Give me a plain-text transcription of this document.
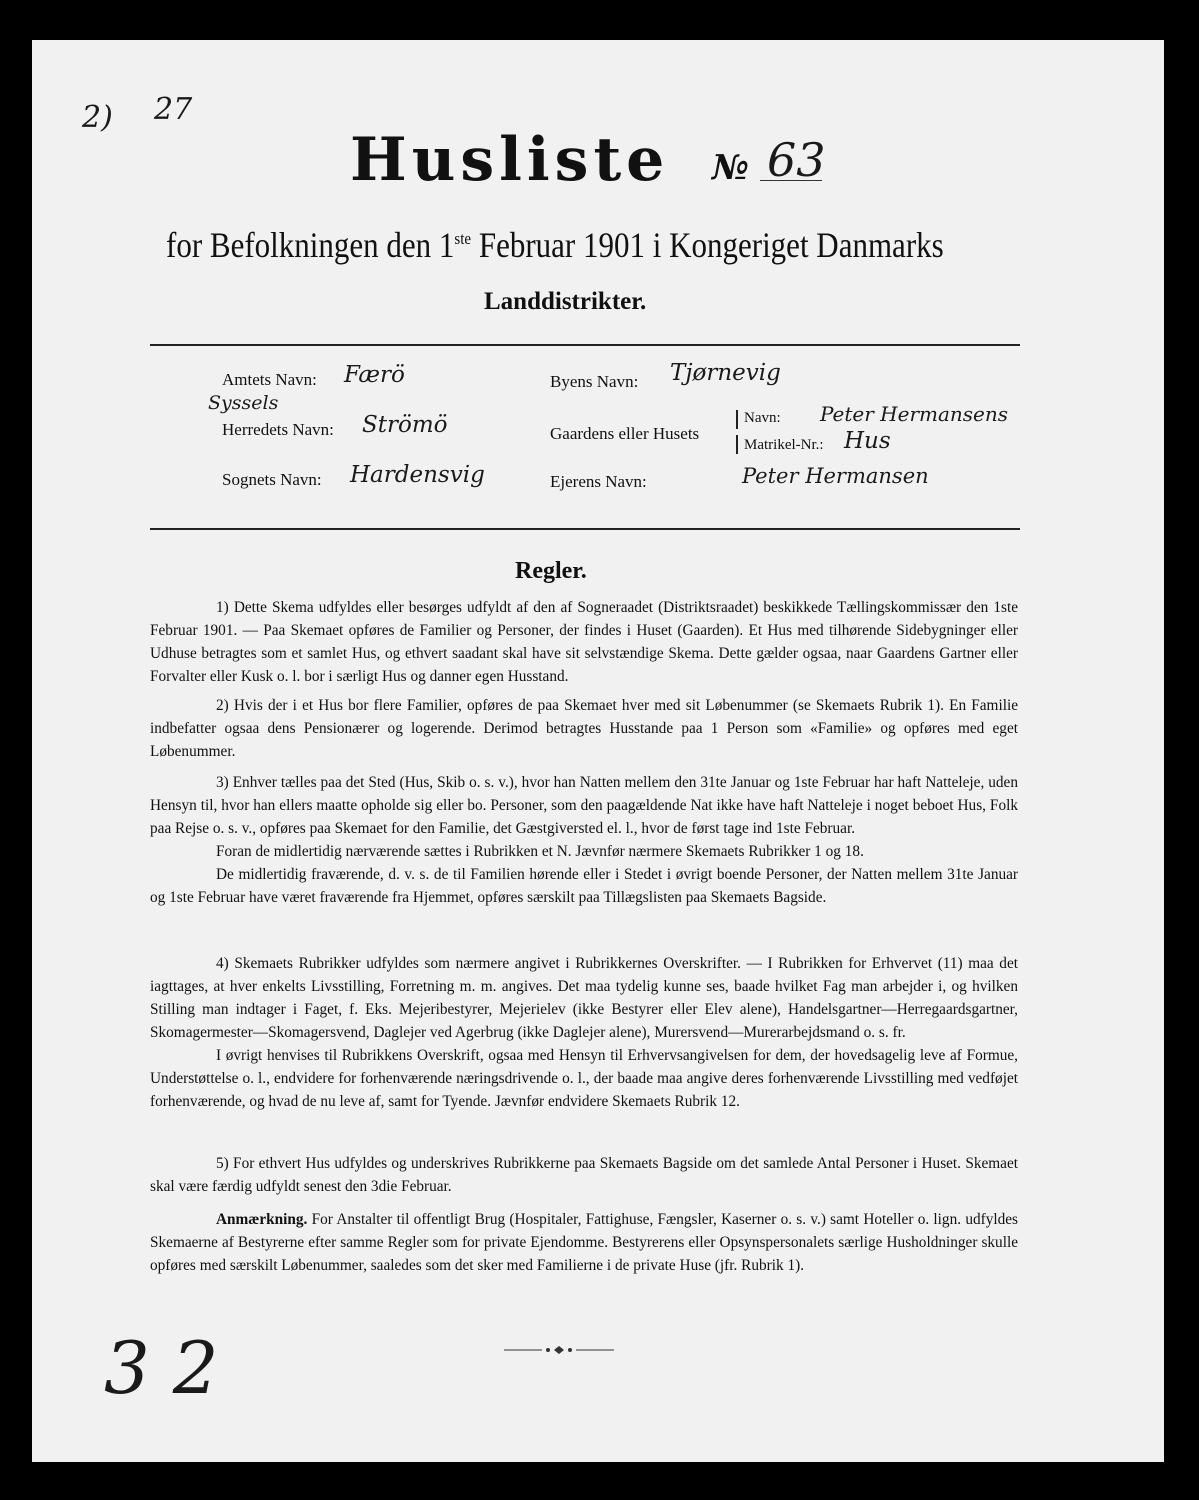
2) 27
Husliste № 63
for Befolkningen den 1ste Februar 1901 i Kongeriget Danmarks
Landdistrikter.
Amtets Navn: Færö
Syssels
Herredets Navn: Strömö
Sognets Navn: Hardensvig
Byens Navn: Tjørnevig
Gaardens eller Husets
Navn: Peter Hermansens
Matrikel-Nr.: Hus
Ejerens Navn:	Peter Hermansen
Regler.

1) Dette Skema udfyldes eller besørges udfyldt af den af Sogneraadet (Distriktsraadet) beskikkede Tællingskommissær den 1ste Februar 1901. — Paa Skemaet opføres de Familier og Personer, der findes i Huset (Gaarden). Et Hus med tilhørende Sidebygninger eller Udhuse betragtes som et samlet Hus, og ethvert saadant skal have sit selvstændige Skema. Dette gælder ogsaa, naar Gaardens Gartner eller Forvalter eller Kusk o. l. bor i særligt Hus og danner egen Husstand.

2) Hvis der i et Hus bor flere Familier, opføres de paa Skemaet hver med sit Løbenummer (se Skemaets Rubrik 1). En Familie indbefatter ogsaa dens Pensionærer og logerende. Derimod betragtes Husstande paa 1 Person som «Familie» og opføres med eget Løbenummer.

3) Enhver tælles paa det Sted (Hus, Skib o. s. v.), hvor han Natten mellem den 31te Januar og 1ste Februar har haft Natteleje, uden Hensyn til, hvor han ellers maatte opholde sig eller bo. Personer, som den paagældende Nat ikke have haft Natteleje i noget beboet Hus, Folk paa Rejse o. s. v., opføres paa Skemaet for den Familie, det Gæstgiversted el. l., hvor de først tage ind 1ste Februar.

Foran de midlertidig nærværende sættes i Rubrikken et N. Jævnfør nærmere Skemaets Rubrikker 1 og 18.

De midlertidig fraværende, d. v. s. de til Familien hørende eller i Stedet i øvrigt boende Personer, der Natten mellem 31te Januar og 1ste Februar have været fraværende fra Hjemmet, opføres særskilt paa Tillægslisten paa Skemaets Bagside.

4) Skemaets Rubrikker udfyldes som nærmere angivet i Rubrikkernes Overskrifter. — I Rubrikken for Erhvervet (11) maa det iagttages, at hver enkelts Livsstilling, Forretning m. m. angives. Det maa tydelig kunne ses, baade hvilket Fag man arbejder i, og hvilken Stilling man indtager i Faget, f. Eks. Mejeribestyrer, Mejerielev (ikke Bestyrer eller Elev alene), Handelsgartner—Herregaardsgartner, Skomagermester—Skomagersvend, Daglejer ved Agerbrug (ikke Daglejer alene), Murersvend—Murerarbejdsmand o. s. fr.

I øvrigt henvises til Rubrikkens Overskrift, ogsaa med Hensyn til Erhvervsangivelsen for dem, der hovedsagelig leve af Formue, Understøttelse o. l., endvidere for forhenværende næringsdrivende o. l., der baade maa angive deres forhenværende Livsstilling med vedføjet forhenværende, og hvad de nu leve af, samt for Tyende. Jævnfør endvidere Skemaets Rubrik 12.

5) For ethvert Hus udfyldes og underskrives Rubrikkerne paa Skemaets Bagside om det samlede Antal Personer i Huset. Skemaet skal være færdig udfyldt senest den 3die Februar.

Anmærkning. For Anstalter til offentligt Brug (Hospitaler, Fattighuse, Fængsler, Kaserner o. s. v.) samt Hoteller o. lign. udfyldes Skemaerne af Bestyrerne efter samme Regler som for private Ejendomme. Bestyrerens eller Opsynspersonalets særlige Husholdninger skulle opføres med særskilt Løbenummer, saaledes som det sker med Familierne i de private Huse (jfr. Rubrik 1).

3 2
